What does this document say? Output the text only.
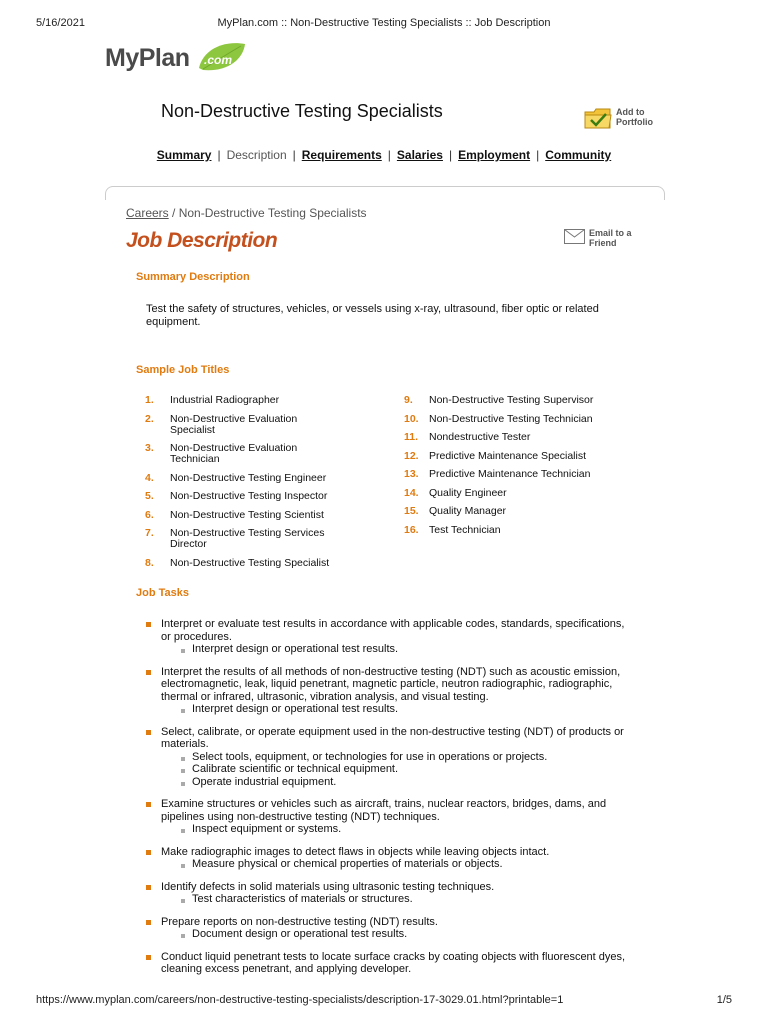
5/16/2021	MyPlan.com :: Non-Destructive Testing Specialists :: Job Description
MyPlan .com
Non-Destructive Testing Specialists	Add to
Portfolio
Summary | Description | Requirements | Salaries | Employment | Community
Careers / Non-Destructive Testing Specialists
Job Description	Email to a
Friend
Summary Description
Test the safety of structures, vehicles, or vessels using x-ray, ultrasound, fiber optic or related equipment.
Sample Job Titles
1. Industrial Radiographer
2. Non-Destructive Evaluation Specialist
3. Non-Destructive Evaluation Technician
4. Non-Destructive Testing Engineer
5. Non-Destructive Testing Inspector
6. Non-Destructive Testing Scientist
7. Non-Destructive Testing Services Director
8. Non-Destructive Testing Specialist
9. Non-Destructive Testing Supervisor
10. Non-Destructive Testing Technician
11. Nondestructive Tester
12. Predictive Maintenance Specialist
13. Predictive Maintenance Technician
14. Quality Engineer
15. Quality Manager
16. Test Technician
Job Tasks
Interpret or evaluate test results in accordance with applicable codes, standards, specifications, or procedures.
Interpret design or operational test results.
Interpret the results of all methods of non-destructive testing (NDT) such as acoustic emission, electromagnetic, leak, liquid penetrant, magnetic particle, neutron radiographic, radiographic, thermal or infrared, ultrasonic, vibration analysis, and visual testing.
Interpret design or operational test results.
Select, calibrate, or operate equipment used in the non-destructive testing (NDT) of products or materials.
Select tools, equipment, or technologies for use in operations or projects.
Calibrate scientific or technical equipment.
Operate industrial equipment.
Examine structures or vehicles such as aircraft, trains, nuclear reactors, bridges, dams, and pipelines using non-destructive testing (NDT) techniques.
Inspect equipment or systems.
Make radiographic images to detect flaws in objects while leaving objects intact.
Measure physical or chemical properties of materials or objects.
Identify defects in solid materials using ultrasonic testing techniques.
Test characteristics of materials or structures.
Prepare reports on non-destructive testing (NDT) results.
Document design or operational test results.
Conduct liquid penetrant tests to locate surface cracks by coating objects with fluorescent dyes, cleaning excess penetrant, and applying developer.
https://www.myplan.com/careers/non-destructive-testing-specialists/description-17-3029.01.html?printable=1	1/5
